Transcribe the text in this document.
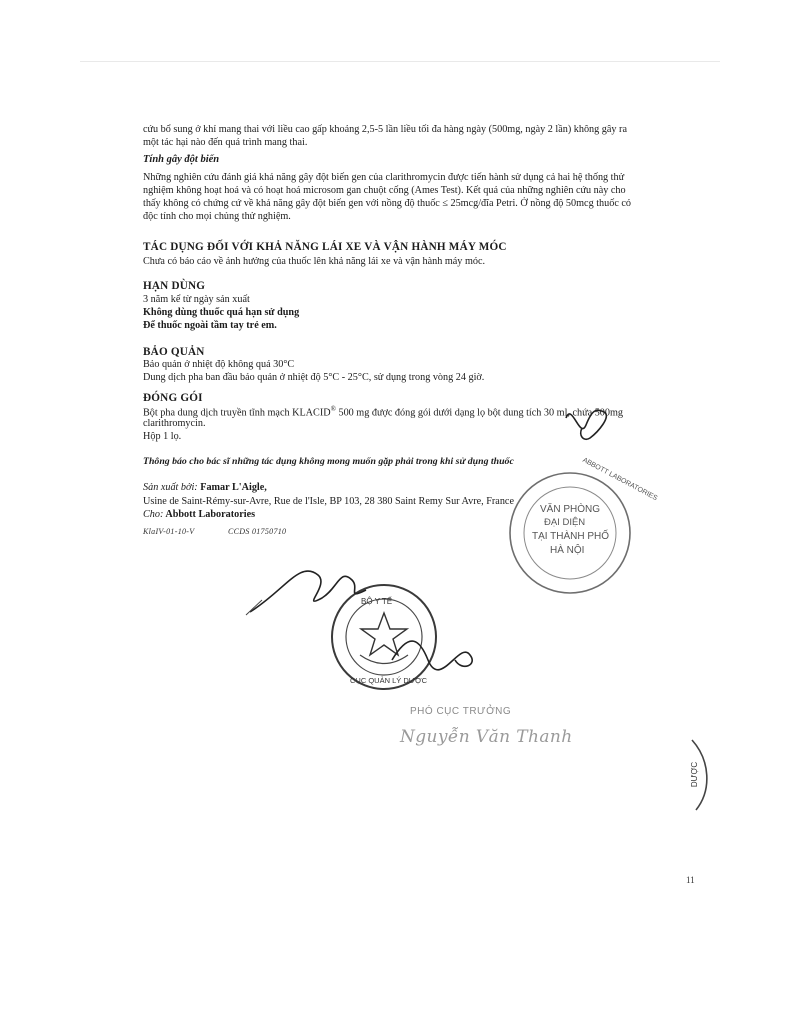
cứu bổ sung ở khỉ mang thai với liều cao gấp khoảng 2,5-5 lần liều tối đa hàng ngày (500mg, ngày 2 lần) không gây ra

một tác hại nào đến quá trình mang thai.

Tính gây đột biến

Những nghiên cứu đánh giá khả năng gây đột biến gen của clarithromycin được tiến hành sử dụng cả hai hệ thống thử

nghiệm không hoạt hoá và có hoạt hoá microsom gan chuột cống (Ames Test). Kết quả của những nghiên cứu này cho

thấy không có chứng cứ về khả năng gây đột biến gen với nồng độ thuốc ≤ 25mcg/đĩa Petri. Ở nồng độ 50mcg thuốc có

độc tính cho mọi chủng thử nghiệm.

TÁC DỤNG ĐỐI VỚI KHẢ NĂNG LÁI XE VÀ VẬN HÀNH MÁY MÓC
Chưa có báo cáo về ảnh hưởng của thuốc lên khả năng lái xe và vận hành máy móc.
HẠN DÙNG
3 năm kể từ ngày sản xuất
Không dùng thuốc quá hạn sử dụng
Để thuốc ngoài tầm tay trẻ em.
BẢO QUẢN
Bảo quản ở nhiệt độ không quá 30°C
Dung dịch pha ban đầu bảo quản ở nhiệt độ 5°C - 25°C, sử dụng trong vòng 24 giờ.
ĐÓNG GÓI
Bột pha dung dịch truyền tĩnh mạch KLACID® 500 mg được đóng gói dưới dạng lọ bột dung tích 30 ml, chứa 500mg
clarithromycin.
Hộp 1 lọ.
Thông báo cho bác sĩ những tác dụng không mong muốn gặp phải trong khi sử dụng thuốc
Sản xuất bởi: Famar L'Aigle,
Usine de Saint-Rémy-sur-Avre, Rue de l'Isle, BP 103, 28 380 Saint Remy Sur Avre, France
Cho: Abbott Laboratories
KlaIV-01-10-V	CCDS 01750710
VĂN PHÒNG
ĐẠI DIỆN
TẠI THÀNH PHỐ
HÀ NỘI
ABBOTT LABORATORIES
BỘ Y TẾ
CỤC QUẢN LÝ DƯỢC
PHÓ CỤC TRƯỞNG
Nguyễn Văn Thanh
DƯỢC
11
